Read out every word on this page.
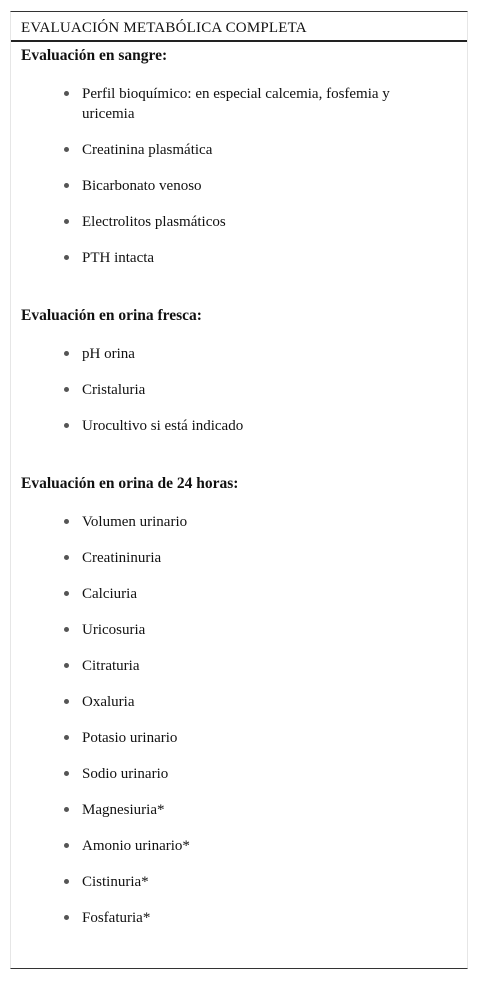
EVALUACIÓN METABÓLICA COMPLETA
Evaluación en sangre:
Perfil bioquímico: en especial calcemia, fosfemia y uricemia
Creatinina plasmática
Bicarbonato venoso
Electrolitos plasmáticos
PTH intacta
Evaluación en orina fresca:
pH orina
Cristaluria
Urocultivo si está indicado
Evaluación en orina de 24 horas:
Volumen urinario
Creatininuria
Calciuria
Uricosuria
Citraturia
Oxaluria
Potasio urinario
Sodio urinario
Magnesiuria*
Amonio urinario*
Cistinuria*
Fosfaturia*
